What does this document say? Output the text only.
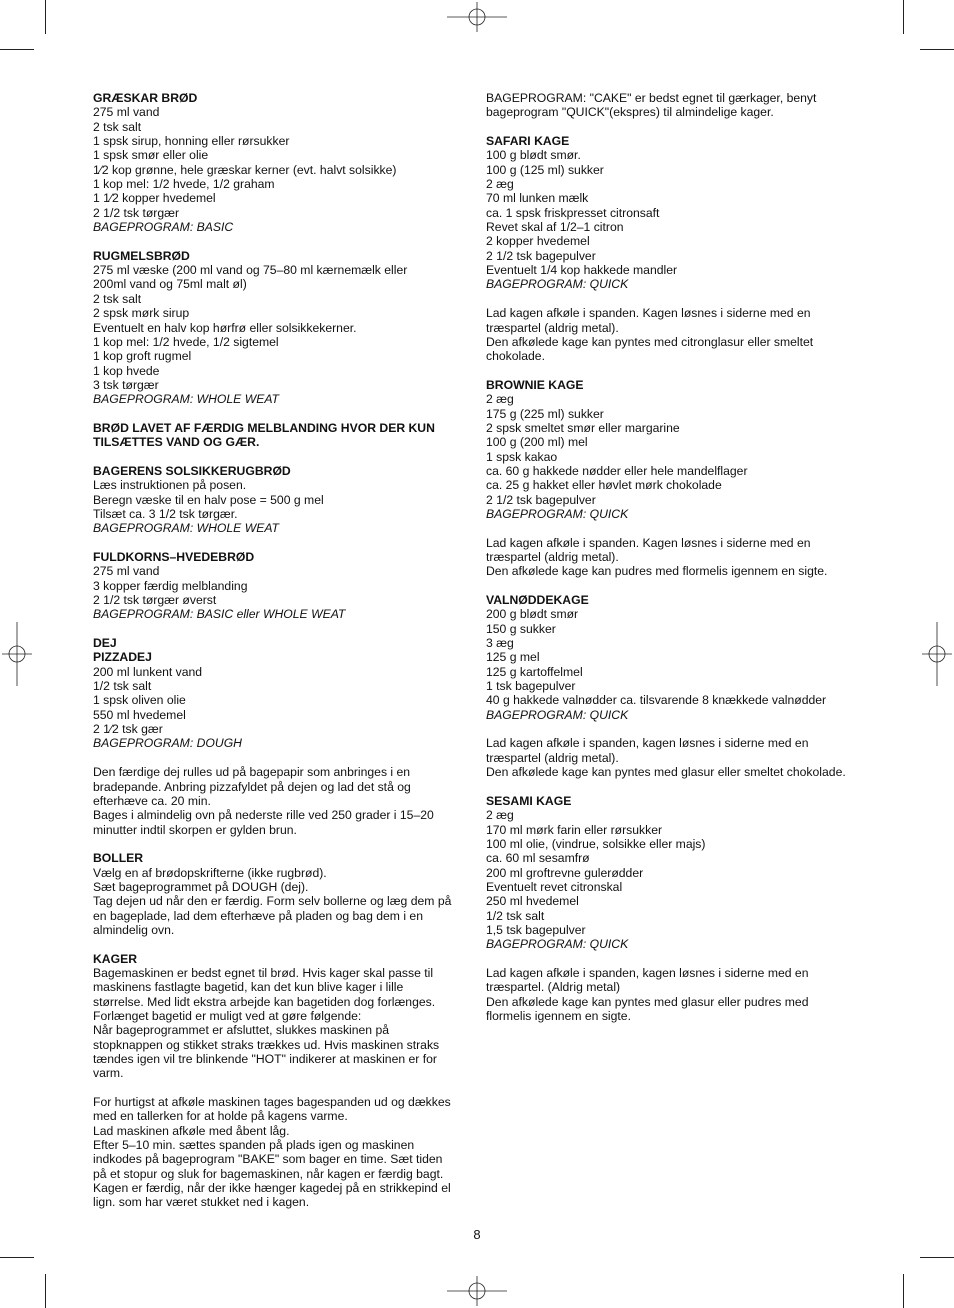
GRÆSKAR BRØD
275 ml vand
2 tsk salt
1 spsk sirup, honning eller rørsukker
1 spsk smør eller olie
1⁄2 kop grønne, hele græskar kerner (evt. halvt solsikke)
1 kop mel: 1/2 hvede, 1/2 graham
1 1⁄2 kopper hvedemel
2 1/2 tsk tørgær
BAGEPROGRAM: BASIC
RUGMELSBRØD
275 ml væske (200 ml vand og 75–80 ml kærnemælk eller
200ml vand og 75ml malt øl)
2 tsk salt
2 spsk mørk sirup
Eventuelt en halv kop hørfrø eller solsikkekerner.
1 kop mel: 1/2 hvede, 1/2 sigtemel
1 kop groft rugmel
1 kop hvede
3 tsk tørgær
BAGEPROGRAM: WHOLE WEAT
BRØD LAVET AF FÆRDIG MELBLANDING HVOR DER KUN
TILSÆTTES VAND OG GÆR.
BAGERENS SOLSIKKERUGBRØD
Læs instruktionen på posen.
Beregn væske til en halv pose = 500 g mel
Tilsæt ca. 3 1/2 tsk tørgær.
BAGEPROGRAM: WHOLE WEAT
FULDKORNS–HVEDEBRØD
275 ml vand
3 kopper færdig melblanding
2 1/2 tsk tørgær øverst
BAGEPROGRAM: BASIC eller WHOLE WEAT
DEJ
PIZZADEJ
200 ml lunkent vand
1/2 tsk salt
1 spsk oliven olie
550 ml hvedemel
2 1⁄2 tsk gær
BAGEPROGRAM: DOUGH
Den færdige dej rulles ud på bagepapir som anbringes i en
bradepande. Anbring pizzafyldet på dejen og lad det stå og
efterhæve ca. 20 min.
Bages i almindelig ovn på nederste rille ved 250 grader i 15–20
minutter indtil skorpen er gylden brun.
BOLLER
Vælg en af brødopskrifterne (ikke rugbrød).
Sæt bageprogrammet på DOUGH (dej).
Tag dejen ud når den er færdig. Form selv bollerne og læg dem på
en bageplade, lad dem efterhæve på pladen og bag dem i en
almindelig ovn.
KAGER
Bagemaskinen er bedst egnet til brød. Hvis kager skal passe til
maskinens fastlagte bagetid, kan det kun blive kager i lille
størrelse. Med lidt ekstra arbejde kan bagetiden dog forlænges.
Forlænget bagetid er muligt ved at gøre følgende:
Når bageprogrammet er afsluttet, slukkes maskinen på
stopknappen og stikket straks trækkes ud. Hvis maskinen straks
tændes igen vil tre blinkende "HOT" indikerer at maskinen er for
varm.
For hurtigst at afkøle maskinen tages bagespanden ud og dækkes
med en tallerken for at holde på kagens varme.
Lad maskinen afkøle med åbent låg.
Efter 5–10 min. sættes spanden på plads igen og maskinen
indkodes på bageprogram "BAKE" som bager en time. Sæt tiden
på et stopur og sluk for bagemaskinen, når kagen er færdig bagt.
Kagen er færdig, når der ikke hænger kagedej på en strikkepind el
lign. som har været stukket ned i kagen.
BAGEPROGRAM: "CAKE" er bedst egnet til gærkager, benyt
bageprogram "QUICK"(ekspres) til almindelige kager.
SAFARI KAGE
100 g blødt smør.
100 g (125 ml) sukker
2 æg
70 ml lunken mælk
ca. 1 spsk friskpresset citronsaft
Revet skal af 1/2–1 citron
2 kopper hvedemel
2 1/2 tsk bagepulver
Eventuelt 1/4 kop hakkede mandler
BAGEPROGRAM: QUICK
Lad kagen afkøle i spanden. Kagen løsnes i siderne med en
træspartel (aldrig metal).
Den afkølede kage kan pyntes med citronglasur eller smeltet
chokolade.
BROWNIE KAGE
2 æg
175 g (225 ml) sukker
2 spsk smeltet smør eller margarine
100 g (200 ml) mel
1 spsk kakao
ca. 60 g hakkede nødder eller hele mandelflager
ca. 25 g hakket eller høvlet mørk chokolade
2 1/2 tsk bagepulver
BAGEPROGRAM: QUICK
Lad kagen afkøle i spanden. Kagen løsnes i siderne med en
træspartel (aldrig metal).
Den afkølede kage kan pudres med flormelis igennem en sigte.
VALNØDDEKAGE
200 g blødt smør
150 g sukker
3 æg
125 g mel
125 g kartoffelmel
1 tsk bagepulver
40 g hakkede valnødder ca. tilsvarende 8 knækkede valnødder
BAGEPROGRAM: QUICK
Lad kagen afkøle i spanden, kagen løsnes i siderne med en
træspartel (aldrig metal).
Den afkølede kage kan pyntes med glasur eller smeltet chokolade.
SESAMI KAGE
2 æg
170 ml mørk farin eller rørsukker
100 ml olie, (vindrue, solsikke eller majs)
ca. 60 ml sesamfrø
200 ml groftrevne gulerødder
Eventuelt revet citronskal
250 ml hvedemel
1/2 tsk salt
1,5 tsk bagepulver
BAGEPROGRAM: QUICK
Lad kagen afkøle i spanden, kagen løsnes i siderne med en
træspartel. (Aldrig metal)
Den afkølede kage kan pyntes med glasur eller pudres med
flormelis igennem en sigte.
8
